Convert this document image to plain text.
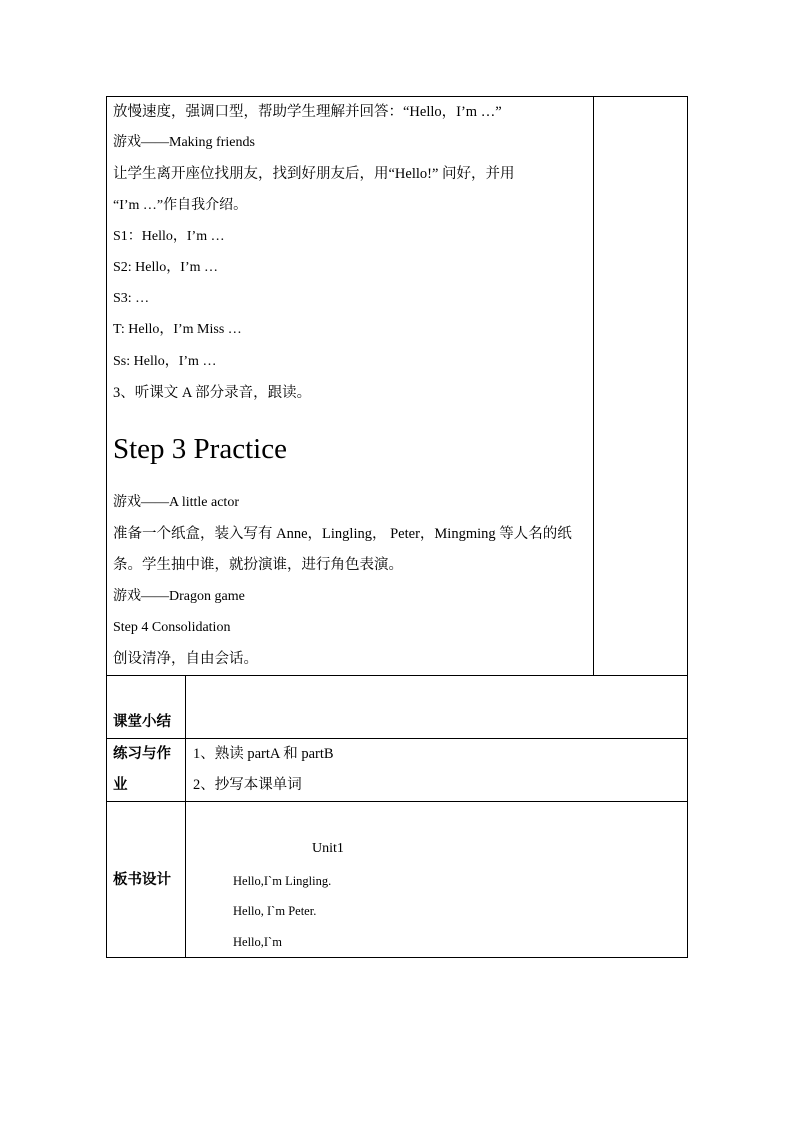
放慢速度，强调口型，帮助学生理解并回答：“Hello，I’m …”
游戏——Making friends
让学生离开座位找朋友，找到好朋友后，用“Hello!” 问好，并用
“I’m …”作自我介绍。
S1：Hello，I’m …
S2: Hello，I’m …
S3: …
T: Hello，I’m Miss …
Ss: Hello，I’m …
3、听课文 A 部分录音，跟读。
Step 3 Practice
游戏——A little actor
准备一个纸盒，装入写有 Anne，Lingling， Peter，Mingming 等人名的纸
条。学生抽中谁，就扮演谁，进行角色表演。
游戏——Dragon game
Step 4 Consolidation
创设清净，自由会话。
课堂小结
练习与作
业
1、熟读 partA 和 partB
2、抄写本课单词
板书设计
Unit1
Hello,I`m Lingling.
Hello, I`m Peter.
Hello,I`m
